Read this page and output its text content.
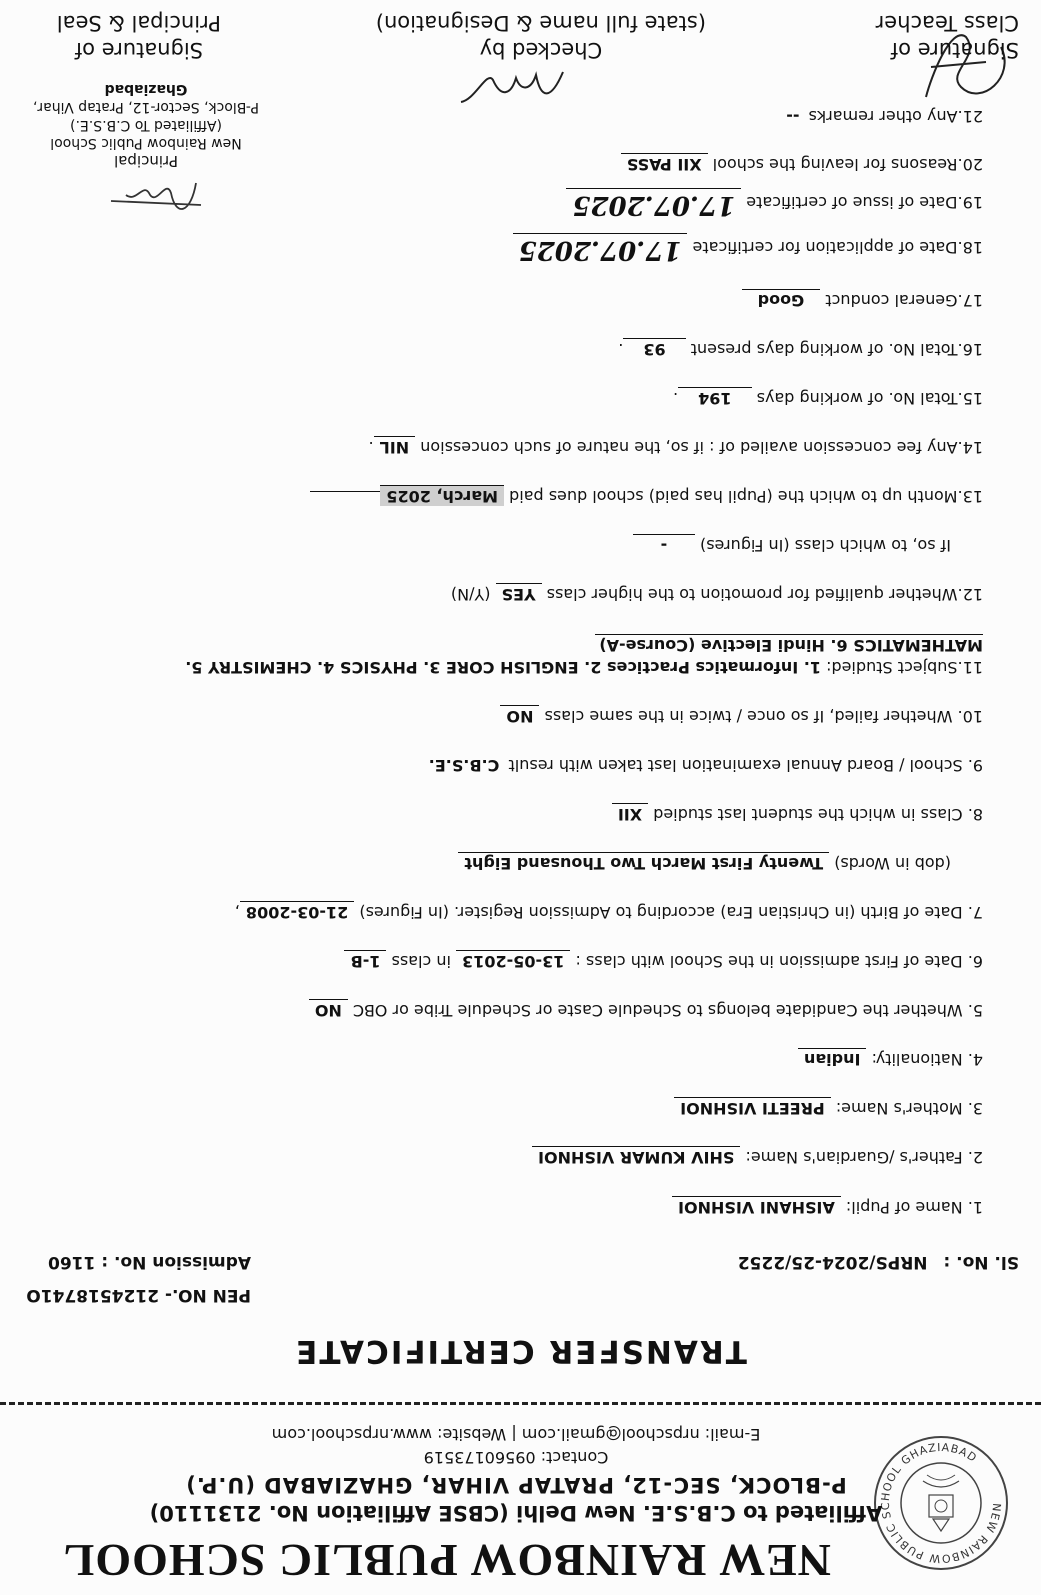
NEW RAINBOW PUBLIC SCHOOL GHAZIABAD
NEW RAINBOW PUBLIC SCHOOL
Affiliated to C.B.S.E. New Delhi (CBSE Affiliation No. 2131110)
P-BLOCK, SEC-12, PRATAP VIHAR, GHAZIABAD (U.P.)
Contact: 09560173519
E-mail: nrpschool@gmail.com | Website: www.nrpschool.com
TRANSFER CERTIFICATE
PEN NO.- 2124518741O
Sl. No. : NRPS/2024-25/2252
Admission No. : 1160
1. Name of Pupil: AISHANI VISHNOI
2. Father's /Guardian's Name: SHIV KUMAR VISHNOI
3. Mother's Name: PREETI VISHNOI
4. Nationality: Indian
5. Whether the Candidate belongs to Schedule Caste or Schedule Tribe or OBC NO
6. Date of First admission in the School with class : 13-05-2013 in class 1-B
7. Date of Birth (in Christian Era) according to Admission Register. (In Figures) 21-03-2008,
(dob in Words) Twenty First March Two Thousand Eight
8. Class in which the student last studied XII
9. School / Board Annual examination last taken with result C.B.S.E.
10. Whether failed, If so once / twice in the same class NO
11.Subject Studied: 1. Informatics Practices 2. ENGLISH CORE 3. PHYSICS 4. CHEMISTRY 5.
MATHEMATICS 6. Hindi Elective (Course-A)
12.Whether qualified for promotion to the higher class YES (Y/N)
If so, to which class (In Figures) -
13.Month up to which the (Pupil has paid) school dues paid March, 2025
14.Any fee concession availed of : if so, the nature of such concession NIL.
15.Total No. of working days 194.
16.Total No. of working days present 93.
17.General conduct Good
18.Date of application for certificate 17.07.2025
19.Date of issue of certificate 17.07.2025
20.Reasons for leaving the school XII PASS
21.Any other remarks --
Principal
New Rainbow Public School
(Affiliated To C.B.S.E.)
P-Block, Sector-12, Pratap Vihar,
Ghaziabad
Signature of
Class Teacher
Checked by
(state full name & Designation)
Signature of
Principal & Seal
